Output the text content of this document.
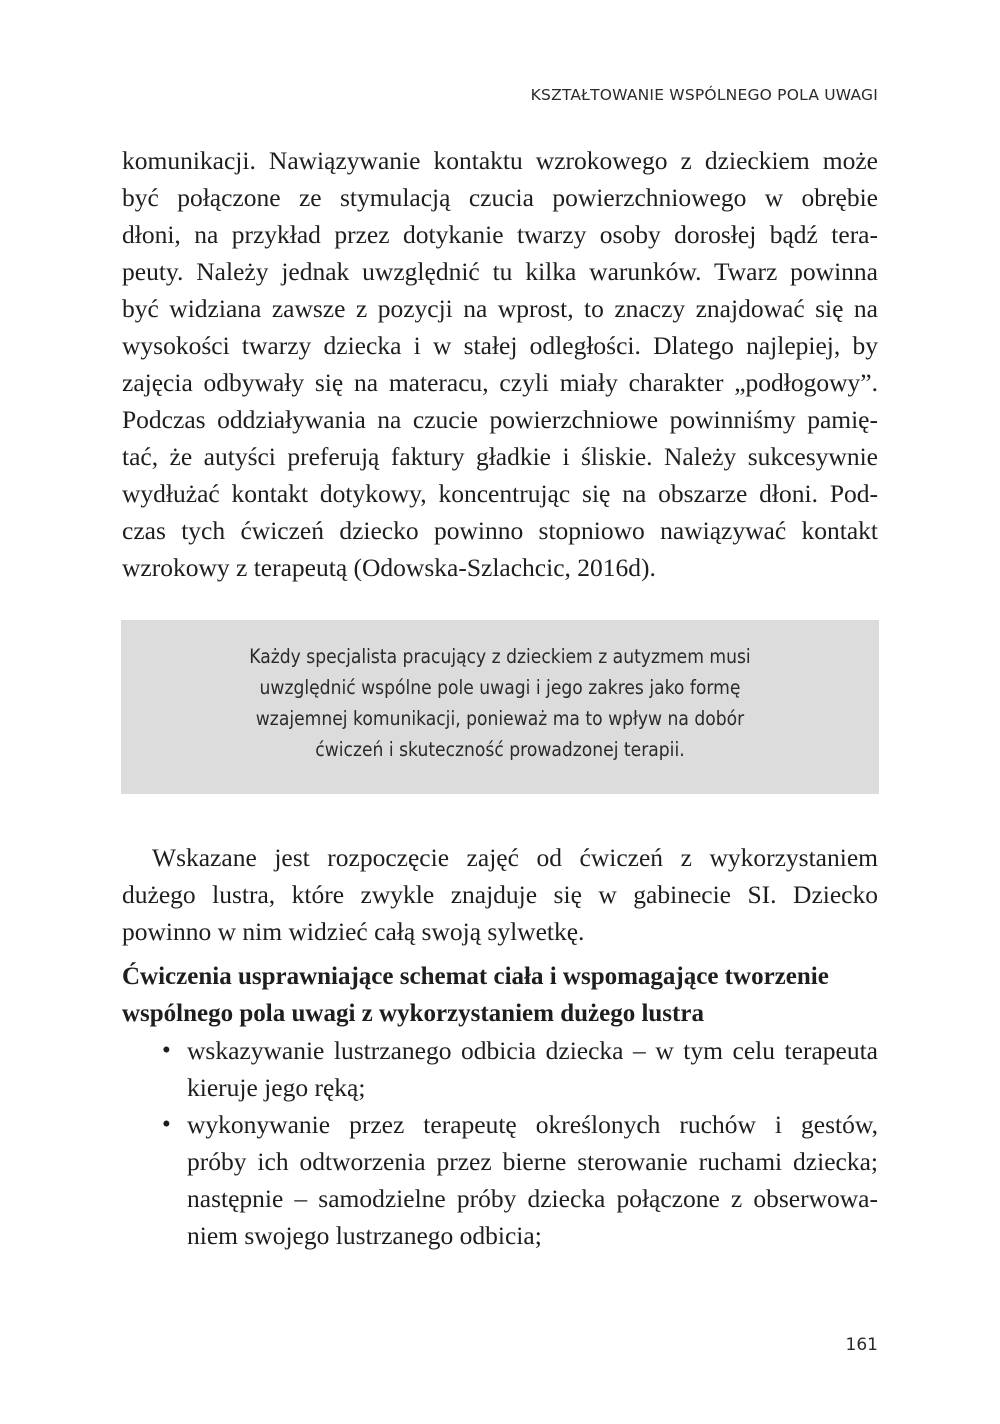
KSZTAŁTOWANIE WSPÓLNEGO POLA UWAGI
komunikacji. Nawiązywanie kontaktu wzrokowego z dzieckiem może
być połączone ze stymulacją czucia powierzchniowego w obrębie
dłoni, na przykład przez dotykanie twarzy osoby dorosłej bądź tera-
peuty. Należy jednak uwzględnić tu kilka warunków. Twarz powinna
być widziana zawsze z pozycji na wprost, to znaczy znajdować się na
wysokości twarzy dziecka i w stałej odległości. Dlatego najlepiej, by
zajęcia odbywały się na materacu, czyli miały charakter „podłogowy”.
Podczas oddziaływania na czucie powierzchniowe powinniśmy pamię-
tać, że autyści preferują faktury gładkie i śliskie. Należy sukcesywnie
wydłużać kontakt dotykowy, koncentrując się na obszarze dłoni. Pod-
czas tych ćwiczeń dziecko powinno stopniowo nawiązywać kontakt
wzrokowy z terapeutą (Odowska-Szlachcic, 2016d).
Każdy specjalista pracujący z dzieckiem z autyzmem musi
uwzględnić wspólne pole uwagi i jego zakres jako formę
wzajemnej komunikacji, ponieważ ma to wpływ na dobór
ćwiczeń i skuteczność prowadzonej terapii.
Wskazane jest rozpoczęcie zajęć od ćwiczeń z wykorzystaniem
dużego lustra, które zwykle znajduje się w gabinecie SI. Dziecko
powinno w nim widzieć całą swoją sylwetkę.
Ćwiczenia usprawniające schemat ciała i wspomagające tworzenie
wspólnego pola uwagi z wykorzystaniem dużego lustra
• wskazywanie lustrzanego odbicia dziecka – w tym celu terapeuta
kieruje jego ręką;
• wykonywanie przez terapeutę określonych ruchów i gestów,
próby ich odtworzenia przez bierne sterowanie ruchami dziecka;
następnie – samodzielne próby dziecka połączone z obserwowa-
niem swojego lustrzanego odbicia;
161
